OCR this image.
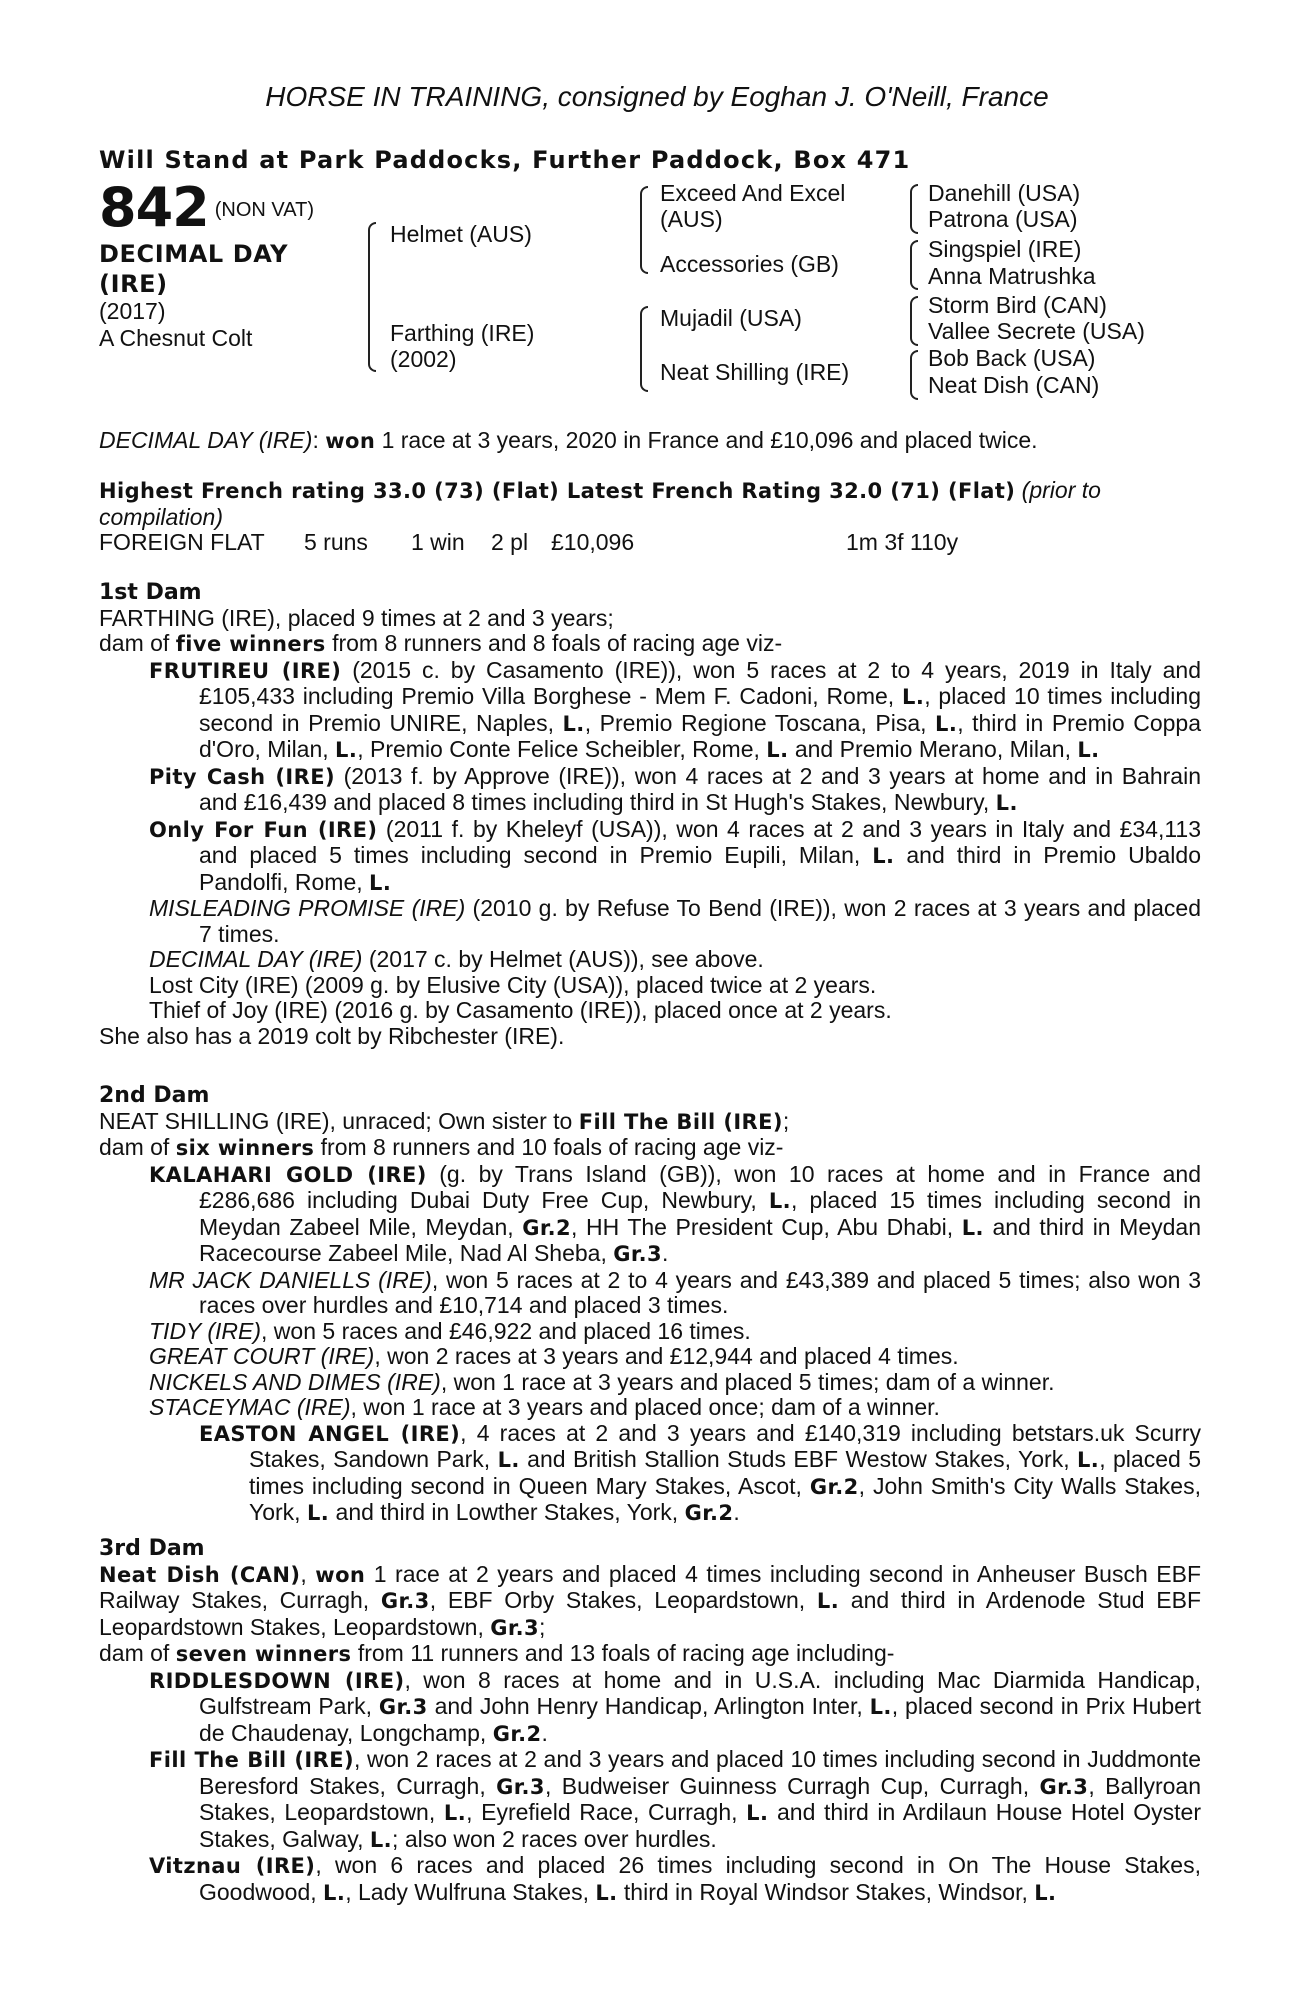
HORSE IN TRAINING, consigned by Eoghan J. O'Neill, France
Will Stand at Park Paddocks, Further Paddock, Box 471
842 (NON VAT)
DECIMAL DAY
(IRE)
(2017)
A Chesnut Colt
Helmet (AUS)
Farthing (IRE)
(2002)
Exceed And Excel
(AUS)
Accessories (GB)
Mujadil (USA)
Neat Shilling (IRE)
Danehill (USA)
Patrona (USA)
Singspiel (IRE)
Anna Matrushka
Storm Bird (CAN)
Vallee Secrete (USA)
Bob Back (USA)
Neat Dish (CAN)

DECIMAL DAY (IRE): won 1 race at 3 years, 2020 in France and £10,096 and placed twice.

Highest French rating 33.0 (73) (Flat) Latest French Rating 32.0 (71) (Flat) (prior to compilation)

FOREIGN FLAT 5 runs 1 win 2 pl £10,096	1m 3f 110y

1st Dam

FARTHING (IRE), placed 9 times at 2 and 3 years;

dam of five winners from 8 runners and 8 foals of racing age viz-

FRUTIREU (IRE) (2015 c. by Casamento (IRE)), won 5 races at 2 to 4 years, 2019 in Italy and £105,433 including Premio Villa Borghese - Mem F. Cadoni, Rome, L., placed 10 times including second in Premio UNIRE, Naples, L., Premio Regione Toscana, Pisa, L., third in Premio Coppa d'Oro, Milan, L., Premio Conte Felice Scheibler, Rome, L. and Premio Merano, Milan, L.

Pity Cash (IRE) (2013 f. by Approve (IRE)), won 4 races at 2 and 3 years at home and in Bahrain and £16,439 and placed 8 times including third in St Hugh's Stakes, Newbury, L.

Only For Fun (IRE) (2011 f. by Kheleyf (USA)), won 4 races at 2 and 3 years in Italy and £34,113 and placed 5 times including second in Premio Eupili, Milan, L. and third in Premio Ubaldo Pandolfi, Rome, L.

MISLEADING PROMISE (IRE) (2010 g. by Refuse To Bend (IRE)), won 2 races at 3 years and placed 7 times.

DECIMAL DAY (IRE) (2017 c. by Helmet (AUS)), see above.

Lost City (IRE) (2009 g. by Elusive City (USA)), placed twice at 2 years.

Thief of Joy (IRE) (2016 g. by Casamento (IRE)), placed once at 2 years.

She also has a 2019 colt by Ribchester (IRE).

2nd Dam

NEAT SHILLING (IRE), unraced; Own sister to Fill The Bill (IRE);

dam of six winners from 8 runners and 10 foals of racing age viz-

KALAHARI GOLD (IRE) (g. by Trans Island (GB)), won 10 races at home and in France and £286,686 including Dubai Duty Free Cup, Newbury, L., placed 15 times including second in Meydan Zabeel Mile, Meydan, Gr.2, HH The President Cup, Abu Dhabi, L. and third in Meydan Racecourse Zabeel Mile, Nad Al Sheba, Gr.3.

MR JACK DANIELLS (IRE), won 5 races at 2 to 4 years and £43,389 and placed 5 times; also won 3 races over hurdles and £10,714 and placed 3 times.

TIDY (IRE), won 5 races and £46,922 and placed 16 times.

GREAT COURT (IRE), won 2 races at 3 years and £12,944 and placed 4 times.

NICKELS AND DIMES (IRE), won 1 race at 3 years and placed 5 times; dam of a winner.

STACEYMAC (IRE), won 1 race at 3 years and placed once; dam of a winner.

EASTON ANGEL (IRE), 4 races at 2 and 3 years and £140,319 including betstars.uk Scurry Stakes, Sandown Park, L. and British Stallion Studs EBF Westow Stakes, York, L., placed 5 times including second in Queen Mary Stakes, Ascot, Gr.2, John Smith's City Walls Stakes, York, L. and third in Lowther Stakes, York, Gr.2.

3rd Dam

Neat Dish (CAN), won 1 race at 2 years and placed 4 times including second in Anheuser Busch EBF Railway Stakes, Curragh, Gr.3, EBF Orby Stakes, Leopardstown, L. and third in Ardenode Stud EBF Leopardstown Stakes, Leopardstown, Gr.3;

dam of seven winners from 11 runners and 13 foals of racing age including-

RIDDLESDOWN (IRE), won 8 races at home and in U.S.A. including Mac Diarmida Handicap, Gulfstream Park, Gr.3 and John Henry Handicap, Arlington Inter, L., placed second in Prix Hubert de Chaudenay, Longchamp, Gr.2.

Fill The Bill (IRE), won 2 races at 2 and 3 years and placed 10 times including second in Juddmonte Beresford Stakes, Curragh, Gr.3, Budweiser Guinness Curragh Cup, Curragh, Gr.3, Ballyroan Stakes, Leopardstown, L., Eyrefield Race, Curragh, L. and third in Ardilaun House Hotel Oyster Stakes, Galway, L.; also won 2 races over hurdles.

Vitznau (IRE), won 6 races and placed 26 times including second in On The House Stakes, Goodwood, L., Lady Wulfruna Stakes, L. third in Royal Windsor Stakes, Windsor, L.
